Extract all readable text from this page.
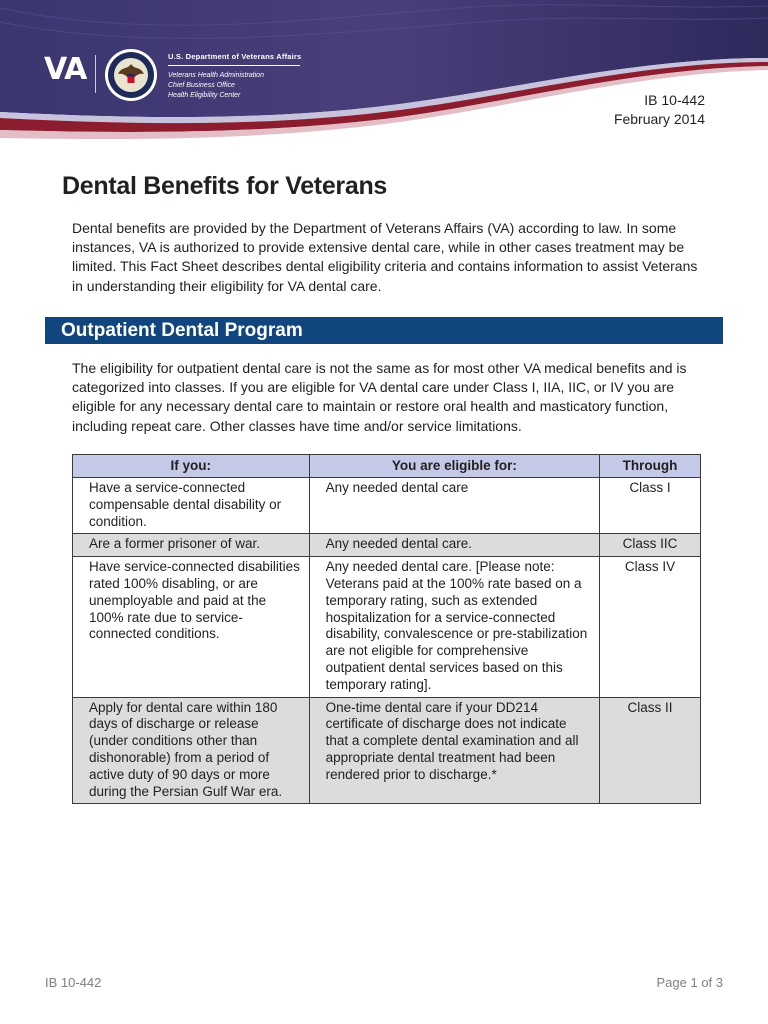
VA	U.S. Department of Veterans Affairs
Veterans Health Administration
Chief Business Office
Health Eligibility Center	IB 10-442
February 2014
Dental Benefits for Veterans

Dental benefits are provided by the Department of Veterans Affairs (VA) according to law. In some instances, VA is authorized to provide extensive dental care, while in other cases treatment may be limited. This Fact Sheet describes dental eligibility criteria and contains information to assist Veterans in understanding their eligibility for VA dental care.

Outpatient Dental Program

The eligibility for outpatient dental care is not the same as for most other VA medical benefits and is categorized into classes. If you are eligible for VA dental care under Class I, IIA, IIC, or IV you are eligible for any necessary dental care to maintain or restore oral health and masticatory function, including repeat care. Other classes have time and/or service limitations.

If you:	You are eligible for:	Through
Have a service-connected compensable dental disability or condition.	Any needed dental care	Class I
Are a former prisoner of war.	Any needed dental care.	Class IIC
Have service-connected disabilities rated 100% disabling, or are unemployable and paid at the 100% rate due to service-connected conditions.	Any needed dental care. [Please note: Veterans paid at the 100% rate based on a temporary rating, such as extended hospitalization for a service-connected disability, convalescence or pre-stabilization are not eligible for comprehensive outpatient dental services based on this temporary rating].	Class IV
Apply for dental care within 180 days of discharge or release (under conditions other than dishonorable) from a period of active duty of 90 days or more during the Persian Gulf War era.	One-time dental care if your DD214 certificate of discharge does not indicate that a complete dental examination and all appropriate dental treatment had been rendered prior to discharge.*	Class II
IB 10-442	Page 1 of 3
